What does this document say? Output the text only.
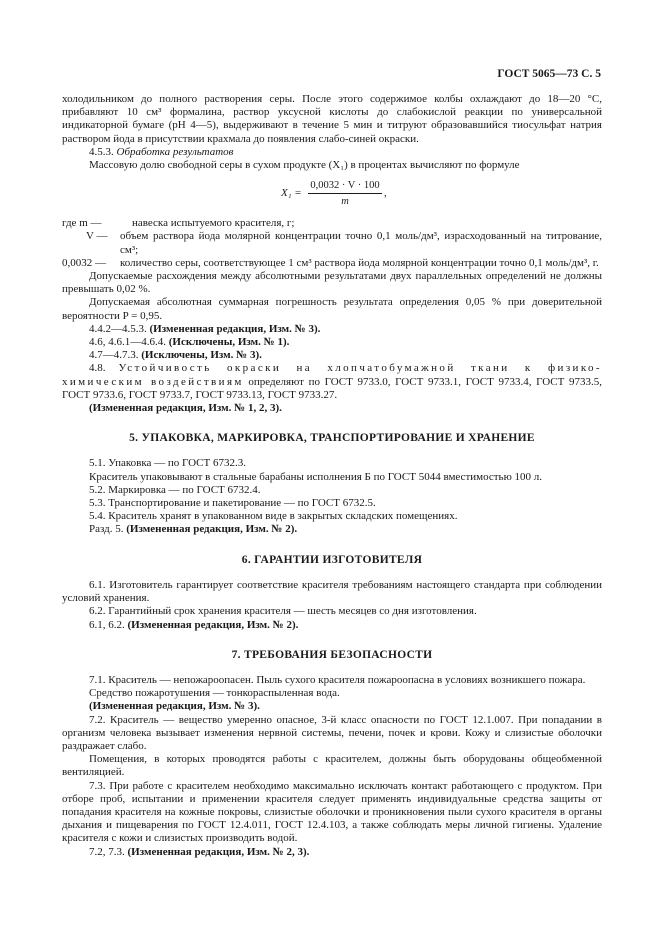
ГОСТ 5065—73 С. 5

холодильником до полного растворения серы. После этого содержимое колбы охлаждают до 18—20 °С, прибавляют 10 см³ формалина, раствор уксусной кислоты до слабокислой реакции по универсальной индикаторной бумаге (рН 4—5), выдерживают в течение 5 мин и титруют образовавшийся тиосульфат натрия раствором йода в присутствии крахмала до появления слабо-синей окраски.

4.5.3. Обработка результатов

Массовую долю свободной серы в сухом продукте (X₁) в процентах вычисляют по формуле

$X_1 = \frac{0,0032 \cdot V \cdot 100}{m}$ ,
где m —	навеска испытуемого красителя, г;
V —	объем раствора йода молярной концентрации точно 0,1 моль/дм³, израсходованный на титрование, см³;
0,0032 —	количество серы, соответствующее 1 см³ раствора йода молярной концентрации точно 0,1 моль/дм³, г.

Допускаемые расхождения между абсолютными результатами двух параллельных определений не должны превышать 0,02 %.

Допускаемая абсолютная суммарная погрешность результата определения 0,05 % при доверительной вероятности P = 0,95.

4.4.2—4.5.3. (Измененная редакция, Изм. № 3).

4.6, 4.6.1—4.6.4. (Исключены, Изм. № 1).

4.7—4.7.3. (Исключены, Изм. № 3).

4.8. Устойчивость окраски на хлопчатобумажной ткани к физико-химическим воздействиям определяют по ГОСТ 9733.0, ГОСТ 9733.1, ГОСТ 9733.4, ГОСТ 9733.5, ГОСТ 9733.6, ГОСТ 9733.7, ГОСТ 9733.13, ГОСТ 9733.27.

(Измененная редакция, Изм. № 1, 2, 3).

5. УПАКОВКА, МАРКИРОВКА, ТРАНСПОРТИРОВАНИЕ И ХРАНЕНИЕ

5.1. Упаковка — по ГОСТ 6732.3.

Краситель упаковывают в стальные барабаны исполнения Б по ГОСТ 5044 вместимостью 100 л.

5.2. Маркировка — по ГОСТ 6732.4.

5.3. Транспортирование и пакетирование — по ГОСТ 6732.5.

5.4. Краситель хранят в упакованном виде в закрытых складских помещениях.

Разд. 5. (Измененная редакция, Изм. № 2).

6. ГАРАНТИИ ИЗГОТОВИТЕЛЯ

6.1. Изготовитель гарантирует соответствие красителя требованиям настоящего стандарта при соблюдении условий хранения.

6.2. Гарантийный срок хранения красителя — шесть месяцев со дня изготовления.

6.1, 6.2. (Измененная редакция, Изм. № 2).

7. ТРЕБОВАНИЯ БЕЗОПАСНОСТИ

7.1. Краситель — непожароопасен. Пыль сухого красителя пожароопасна в условиях возникшего пожара.

Средство пожаротушения — тонкораспыленная вода.

(Измененная редакция, Изм. № 3).

7.2. Краситель — вещество умеренно опасное, 3-й класс опасности по ГОСТ 12.1.007. При попадании в организм человека вызывает изменения нервной системы, печени, почек и крови. Кожу и слизистые оболочки раздражает слабо.

Помещения, в которых проводятся работы с красителем, должны быть оборудованы общеобменной вентиляцией.

7.3. При работе с красителем необходимо максимально исключать контакт работающего с продуктом. При отборе проб, испытании и применении красителя следует применять индивидуальные средства защиты от попадания красителя на кожные покровы, слизистые оболочки и проникновения пыли сухого красителя в органы дыхания и пищеварения по ГОСТ 12.4.011, ГОСТ 12.4.103, а также соблюдать меры личной гигиены. Удаление красителя с кожи и слизистых производить водой.

7.2, 7.3. (Измененная редакция, Изм. № 2, 3).
